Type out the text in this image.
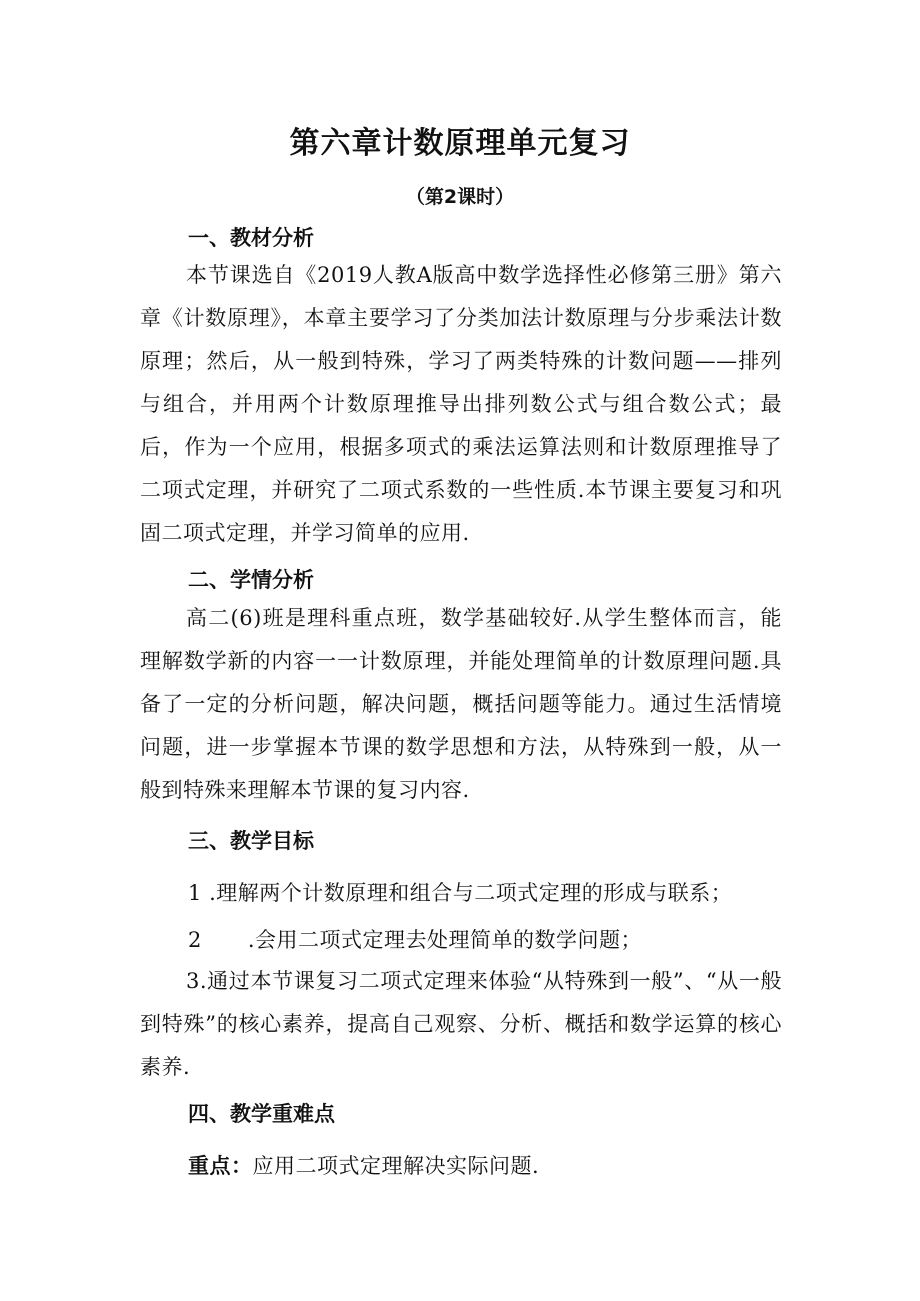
第六章计数原理单元复习
（第2课时）
一、教材分析
本节课选自《2019人教A版高中数学选择性必修第三册》第六章《计数原理》，本章主要学习了分类加法计数原理与分步乘法计数原理；然后，从一般到特殊，学习了两类特殊的计数问题——排列与组合，并用两个计数原理推导出排列数公式与组合数公式；最后，作为一个应用，根据多项式的乘法运算法则和计数原理推导了二项式定理，并研究了二项式系数的一些性质.本节课主要复习和巩固二项式定理，并学习简单的应用.
二、学情分析
高二(6)班是理科重点班，数学基础较好.从学生整体而言，能理解数学新的内容一一计数原理，并能处理简单的计数原理问题.具备了一定的分析问题，解决问题，概括问题等能力。通过生活情境问题，进一步掌握本节课的数学思想和方法，从特殊到一般，从一般到特殊来理解本节课的复习内容.
三、教学目标
1 .理解两个计数原理和组合与二项式定理的形成与联系；
2 .会用二项式定理去处理简单的数学问题；
3.通过本节课复习二项式定理来体验“从特殊到一般”、“从一般到特殊”的核心素养，提高自己观察、分析、概括和数学运算的核心素养.
四、教学重难点
重点：应用二项式定理解决实际问题.
